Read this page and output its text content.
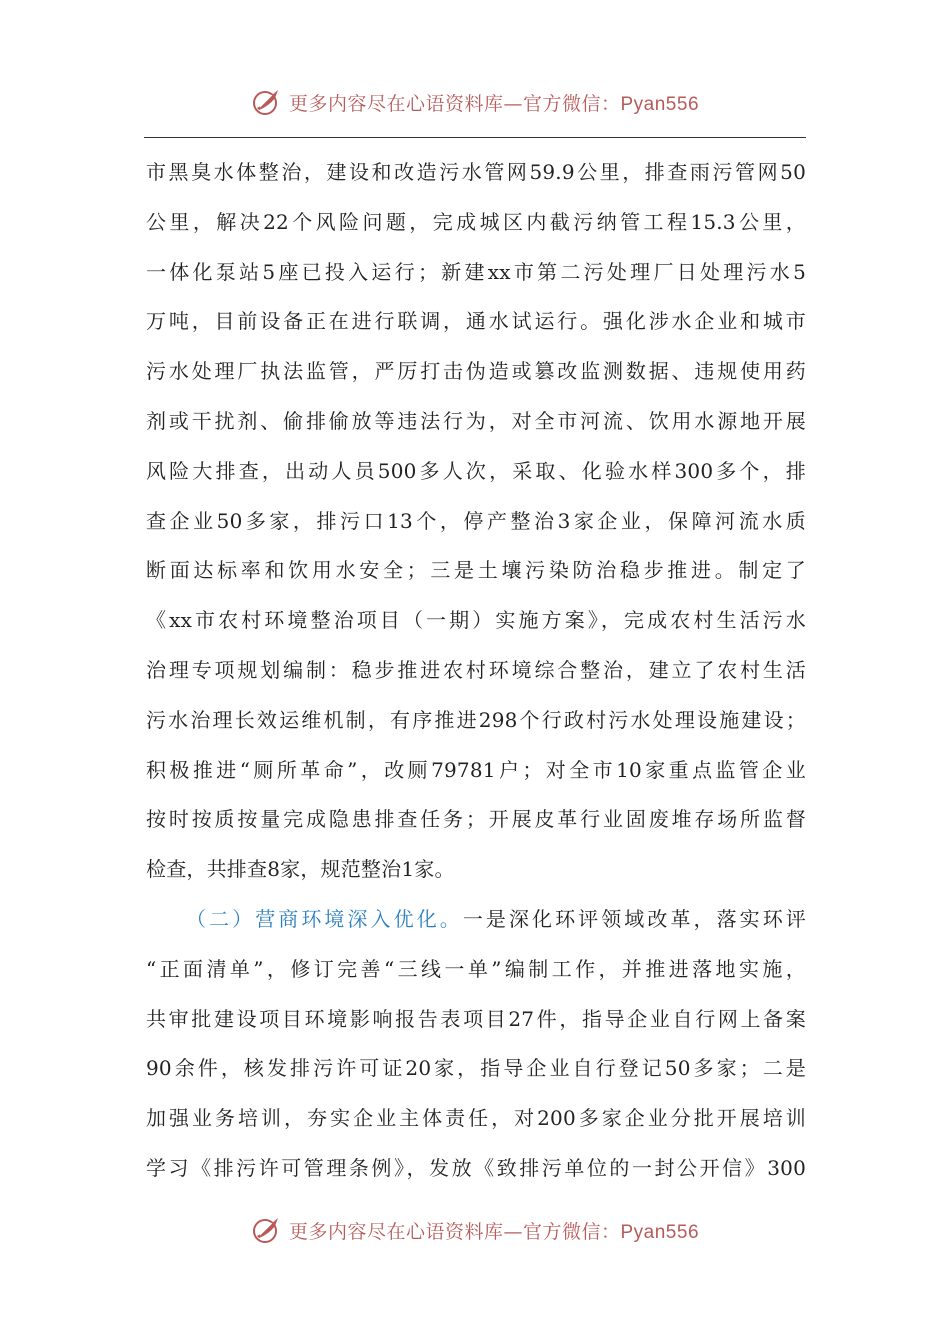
更多内容尽在心语资料库—官方微信：Pyan556
市黑臭水体整治，建设和改造污水管网59.9公里，排查雨污管网50
公里，解决22个风险问题，完成城区内截污纳管工程15.3公里，
一体化泵站5座已投入运行；新建xx市第二污处理厂日处理污水5
万吨，目前设备正在进行联调，通水试运行。强化涉水企业和城市
污水处理厂执法监管，严厉打击伪造或篡改监测数据、违规使用药
剂或干扰剂、偷排偷放等违法行为，对全市河流、饮用水源地开展
风险大排查，出动人员500多人次，采取、化验水样300多个，排
查企业50多家，排污口13个，停产整治3家企业，保障河流水质
断面达标率和饮用水安全；三是土壤污染防治稳步推进。制定了
《xx市农村环境整治项目（一期）实施方案》，完成农村生活污水
治理专项规划编制：稳步推进农村环境综合整治，建立了农村生活
污水治理长效运维机制，有序推进298个行政村污水处理设施建设；
积极推进“厕所革命”，改厕79781户；对全市10家重点监管企业
按时按质按量完成隐患排查任务；开展皮革行业固废堆存场所监督
检查，共排查8家，规范整治1家。
（二）营商环境深入优化。一是深化环评领域改革，落实环评
“正面清单”，修订完善“三线一单”编制工作，并推进落地实施，
共审批建设项目环境影响报告表项目27件，指导企业自行网上备案
90余件，核发排污许可证20家，指导企业自行登记50多家；二是
加强业务培训，夯实企业主体责任，对200多家企业分批开展培训
学习《排污许可管理条例》，发放《致排污单位的一封公开信》300
更多内容尽在心语资料库—官方微信：Pyan556
